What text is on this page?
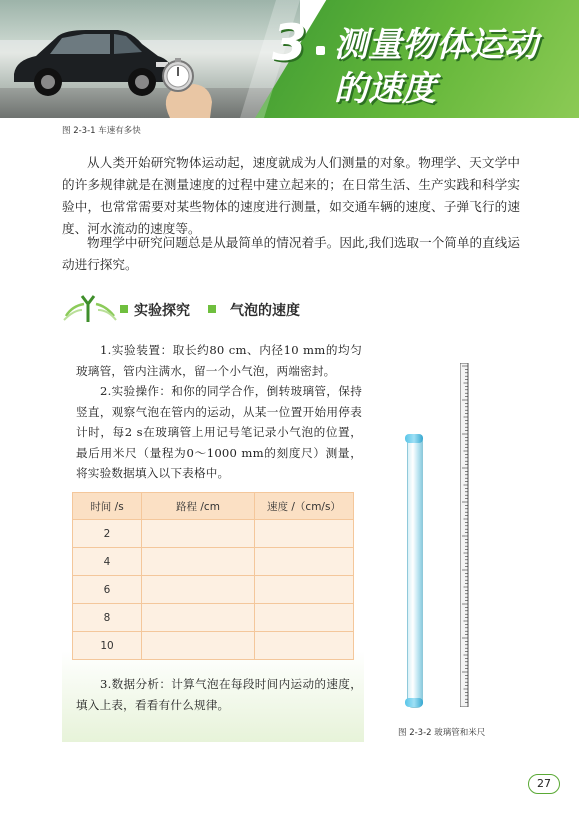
3 测量物体运动
的速度
图 2-3-1 车速有多快

从人类开始研究物体运动起，速度就成为人们测量的对象。物理学、天文学中的许多规律就是在测量速度的过程中建立起来的；在日常生活、生产实践和科学实验中，也常常需要对某些物体的速度进行测量，如交通车辆的速度、子弹飞行的速度、河水流动的速度等。

物理学中研究问题总是从最简单的情况着手。因此,我们选取一个简单的直线运动进行探究。

实验探究	气泡的速度

1.实验装置：取长约80 cm、内径10 mm的均匀玻璃管，管内注满水，留一个小气泡，两端密封。

2.实验操作：和你的同学合作，倒转玻璃管，保持竖直，观察气泡在管内的运动，从某一位置开始用停表计时，每2 s在玻璃管上用记号笔记录小气泡的位置，最后用米尺（量程为0～1000 mm的刻度尺）测量，将实验数据填入以下表格中。

时间 /s	路程 /cm	速度 /（cm/s）
2		
4		
6		
8		
10		

3.数据分析：计算气泡在每段时间内运动的速度，填入上表，看看有什么规律。

图 2-3-2 玻璃管和米尺
27
